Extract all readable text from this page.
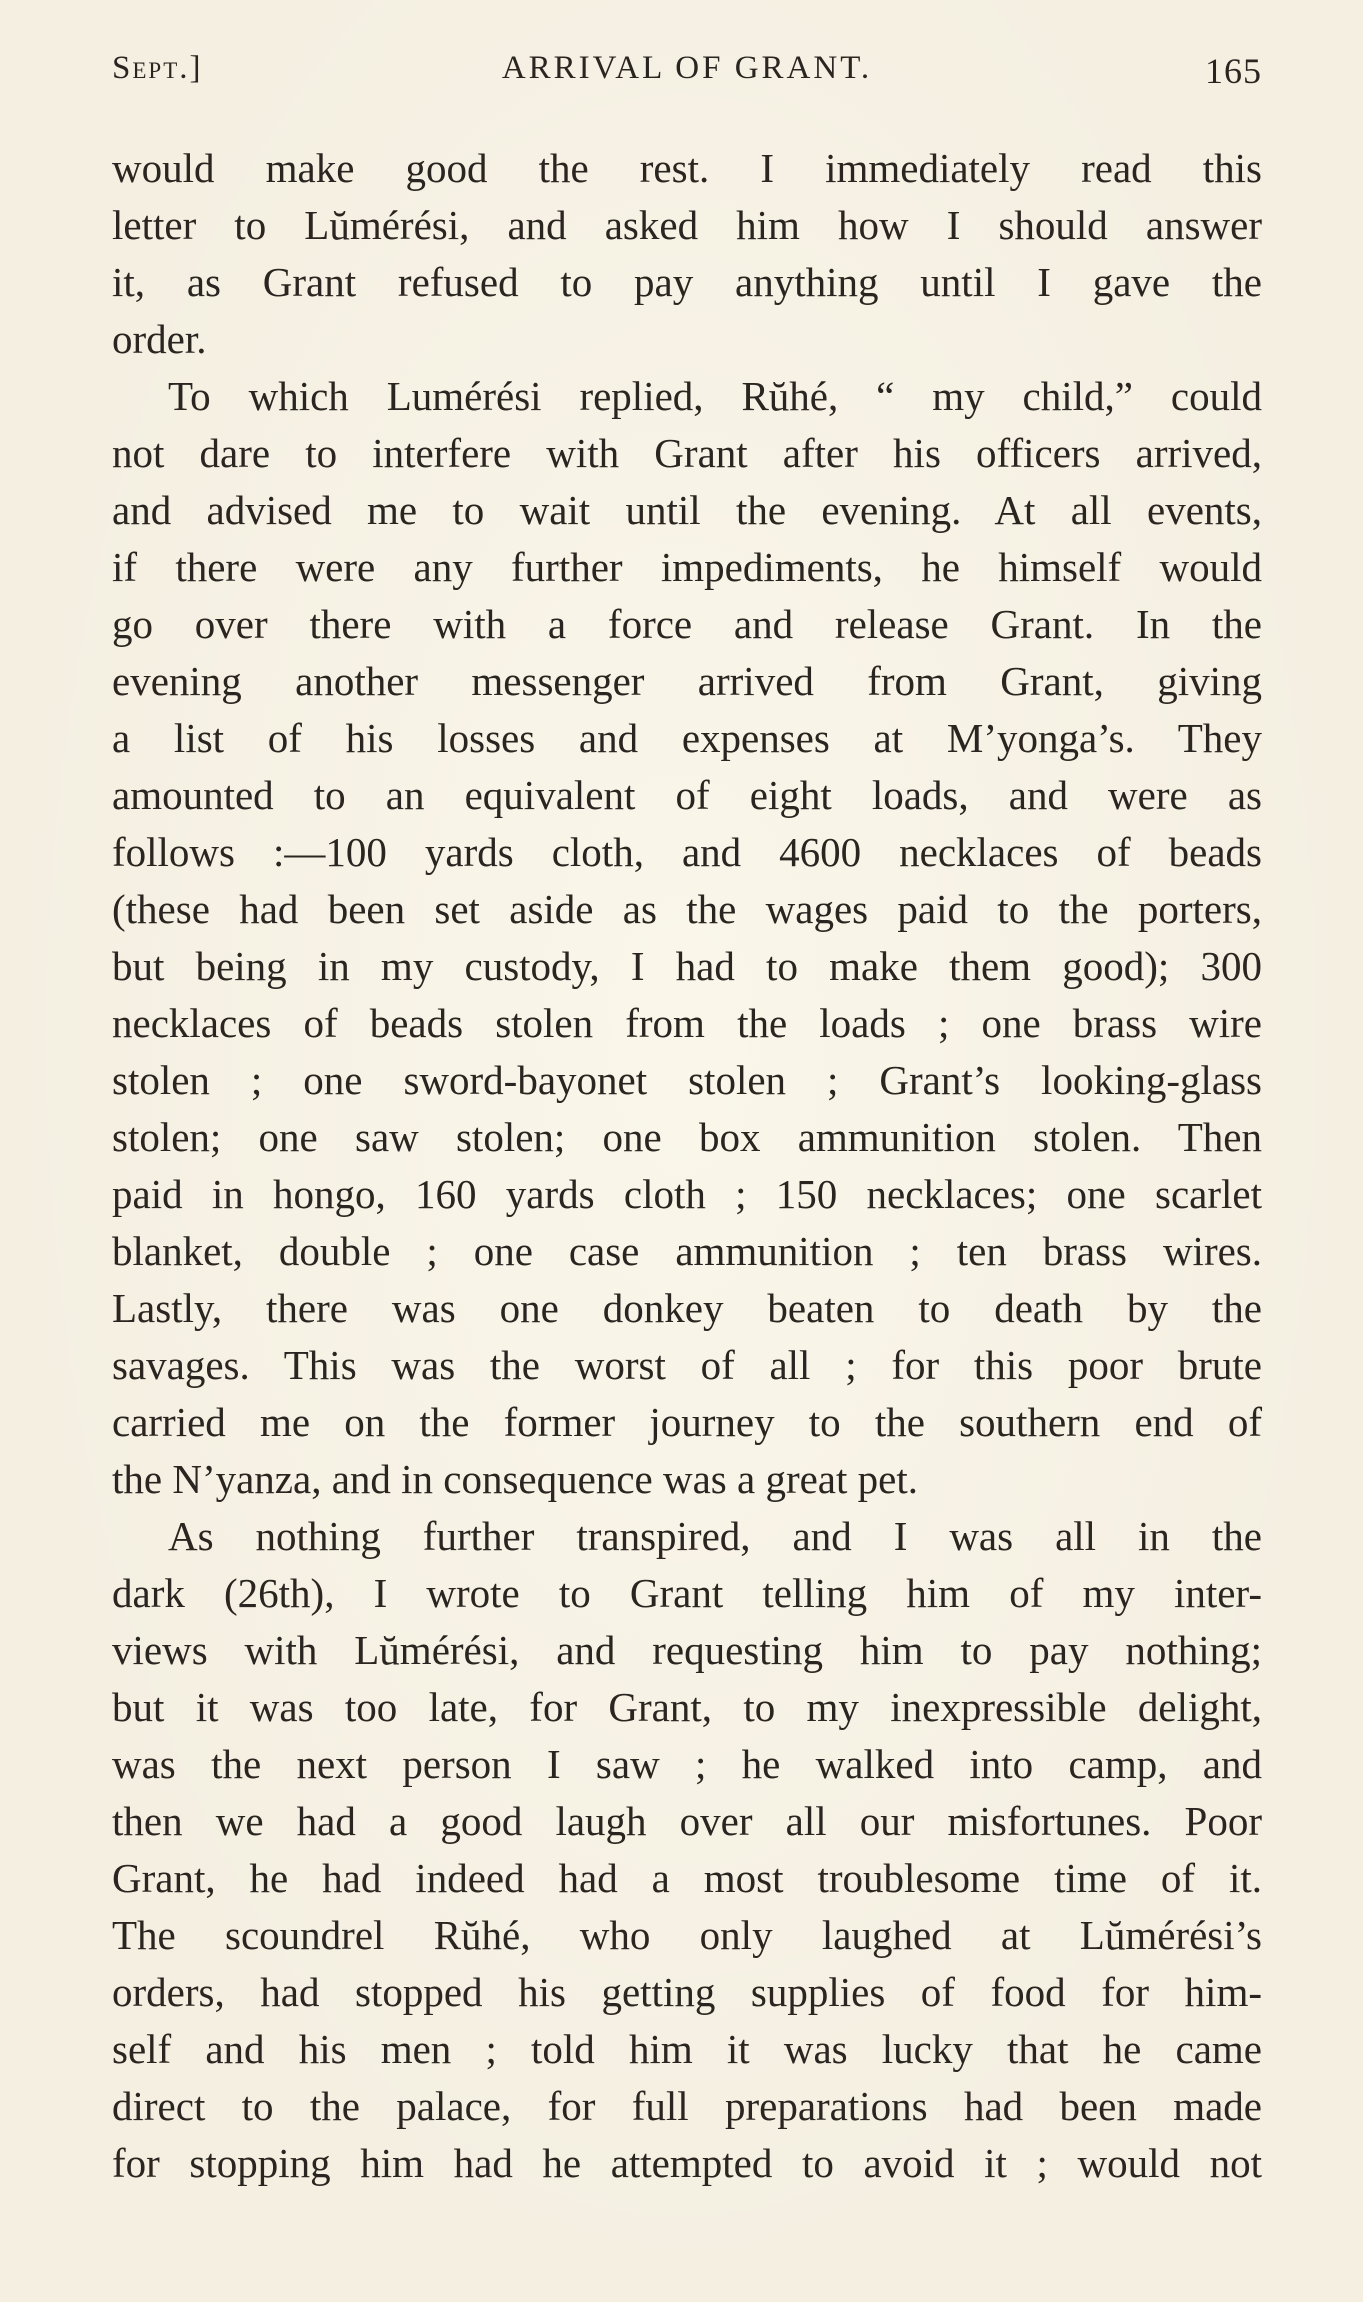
Sept.]	ARRIVAL OF GRANT.	165
would make good the rest. I immediately read this
letter to Lŭmérési, and asked him how I should answer
it, as Grant refused to pay anything until I gave the
order.
To which Lumérési replied, Rŭhé, “ my child,” could
not dare to interfere with Grant after his officers arrived,
and advised me to wait until the evening. At all events,
if there were any further impediments, he himself would
go over there with a force and release Grant. In the
evening another messenger arrived from Grant, giving
a list of his losses and expenses at M’yonga’s. They
amounted to an equivalent of eight loads, and were as
follows :—100 yards cloth, and 4600 necklaces of beads
(these had been set aside as the wages paid to the porters,
but being in my custody, I had to make them good); 300
necklaces of beads stolen from the loads ; one brass wire
stolen ; one sword-bayonet stolen ; Grant’s looking-glass
stolen; one saw stolen; one box ammunition stolen. Then
paid in hongo, 160 yards cloth ; 150 necklaces; one scarlet
blanket, double ; one case ammunition ; ten brass wires.
Lastly, there was one donkey beaten to death by the
savages. This was the worst of all ; for this poor brute
carried me on the former journey to the southern end of
the N’yanza, and in consequence was a great pet.
As nothing further transpired, and I was all in the
dark (26th), I wrote to Grant telling him of my inter-
views with Lŭmérési, and requesting him to pay nothing;
but it was too late, for Grant, to my inexpressible delight,
was the next person I saw ; he walked into camp, and
then we had a good laugh over all our misfortunes. Poor
Grant, he had indeed had a most troublesome time of it.
The scoundrel Rŭhé, who only laughed at Lŭmérési’s
orders, had stopped his getting supplies of food for him-
self and his men ; told him it was lucky that he came
direct to the palace, for full preparations had been made
for stopping him had he attempted to avoid it ; would not
